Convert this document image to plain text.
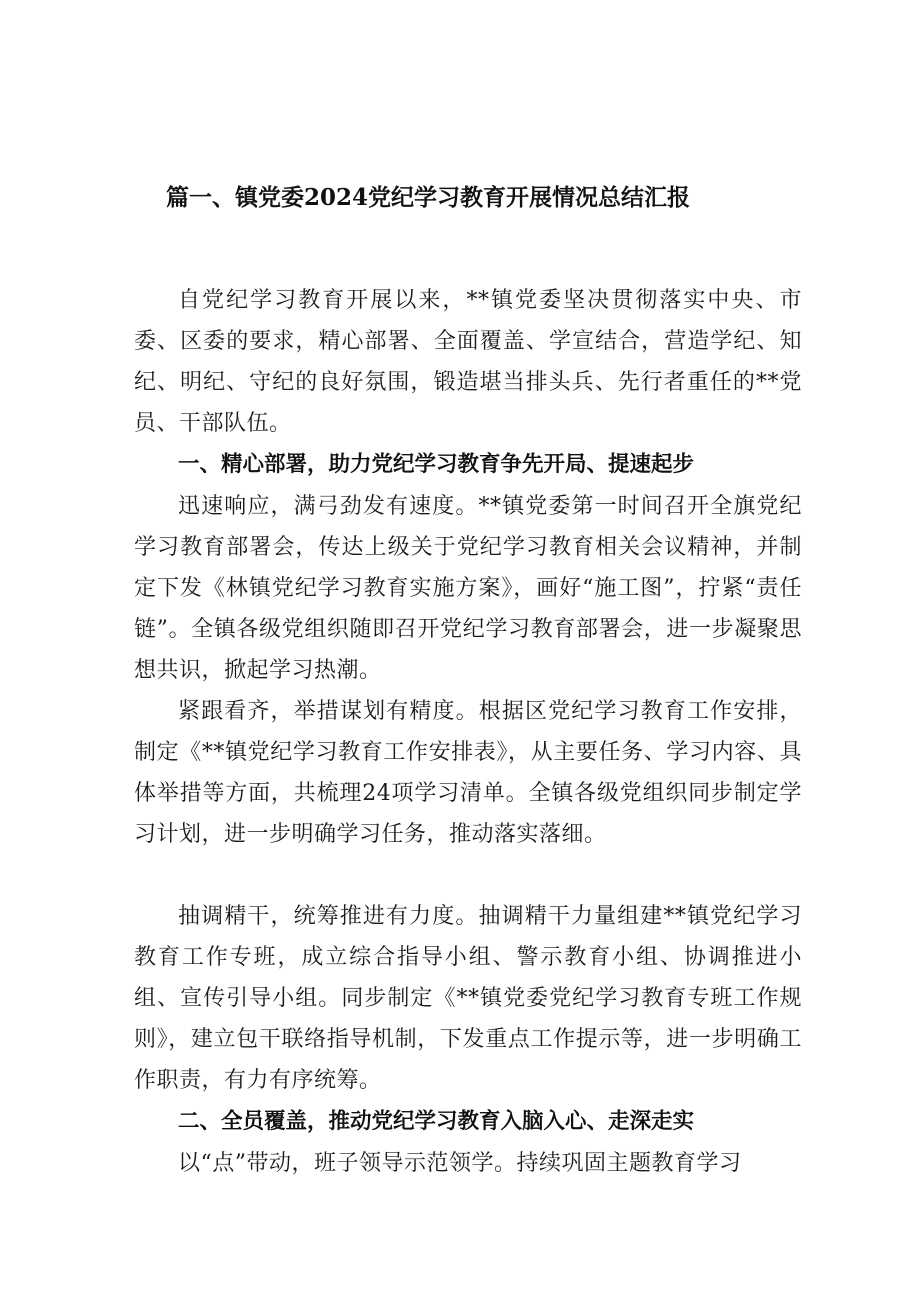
篇一、镇党委2024党纪学习教育开展情况总结汇报

自党纪学习教育开展以来，**镇党委坚决贯彻落实中央、市委、区委的要求，精心部署、全面覆盖、学宣结合，营造学纪、知纪、明纪、守纪的良好氛围，锻造堪当排头兵、先行者重任的**党员、干部队伍。

一、精心部署，助力党纪学习教育争先开局、提速起步

迅速响应，满弓劲发有速度。**镇党委第一时间召开全旗党纪学习教育部署会，传达上级关于党纪学习教育相关会议精神，并制定下发《林镇党纪学习教育实施方案》，画好“施工图”，拧紧“责任链”。全镇各级党组织随即召开党纪学习教育部署会，进一步凝聚思想共识，掀起学习热潮。

紧跟看齐，举措谋划有精度。根据区党纪学习教育工作安排，制定《**镇党纪学习教育工作安排表》，从主要任务、学习内容、具体举措等方面，共梳理24项学习清单。全镇各级党组织同步制定学习计划，进一步明确学习任务，推动落实落细。

抽调精干，统筹推进有力度。抽调精干力量组建**镇党纪学习教育工作专班，成立综合指导小组、警示教育小组、协调推进小组、宣传引导小组。同步制定《**镇党委党纪学习教育专班工作规则》，建立包干联络指导机制，下发重点工作提示等，进一步明确工作职责，有力有序统筹。

二、全员覆盖，推动党纪学习教育入脑入心、走深走实

以“点”带动，班子领导示范领学。持续巩固主题教育学习
